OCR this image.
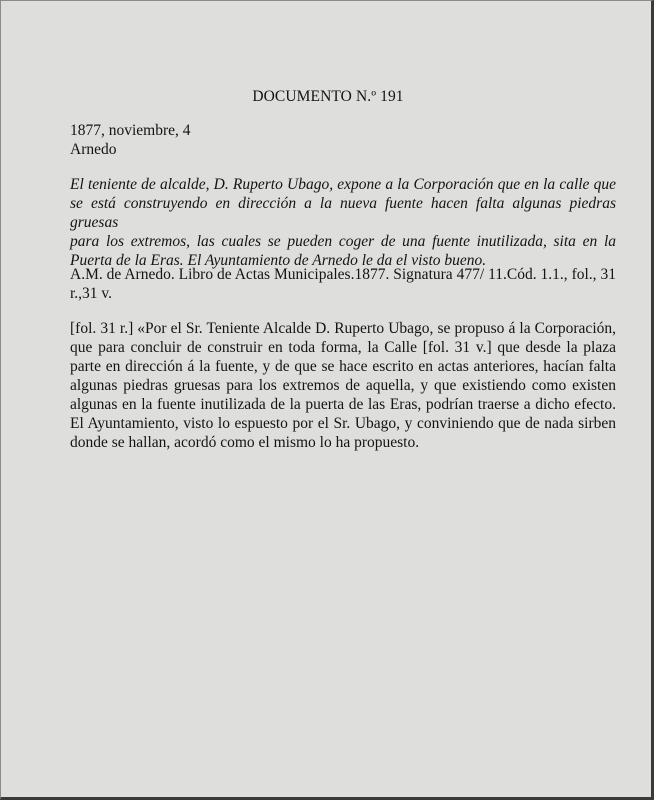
DOCUMENTO N.º 191
1877, noviembre, 4
Arnedo
El teniente de alcalde, D. Ruperto Ubago, expone a la Corporación que en la calle que
se está construyendo en dirección a la nueva fuente hacen falta algunas piedras gruesas
para los extremos, las cuales se pueden coger de una fuente inutilizada, sita en la
Puerta de la Eras. El Ayuntamiento de Arnedo le da el visto bueno.
A.M. de Arnedo. Libro de Actas Municipales.1877. Signatura 477/ 11.Cód. 1.1., fol., 31
r.,31 v.
[fol. 31 r.] «Por el Sr. Teniente Alcalde D. Ruperto Ubago, se propuso á la Corporación,
que para concluir de construir en toda forma, la Calle [fol. 31 v.] que desde la plaza
parte en dirección á la fuente, y de que se hace escrito en actas anteriores, hacían falta
algunas piedras gruesas para los extremos de aquella, y que existiendo como existen
algunas en la fuente inutilizada de la puerta de las Eras, podrían traerse a dicho efecto.
El Ayuntamiento, visto lo espuesto por el Sr. Ubago, y conviniendo que de nada sirben
donde se hallan, acordó como el mismo lo ha propuesto.
